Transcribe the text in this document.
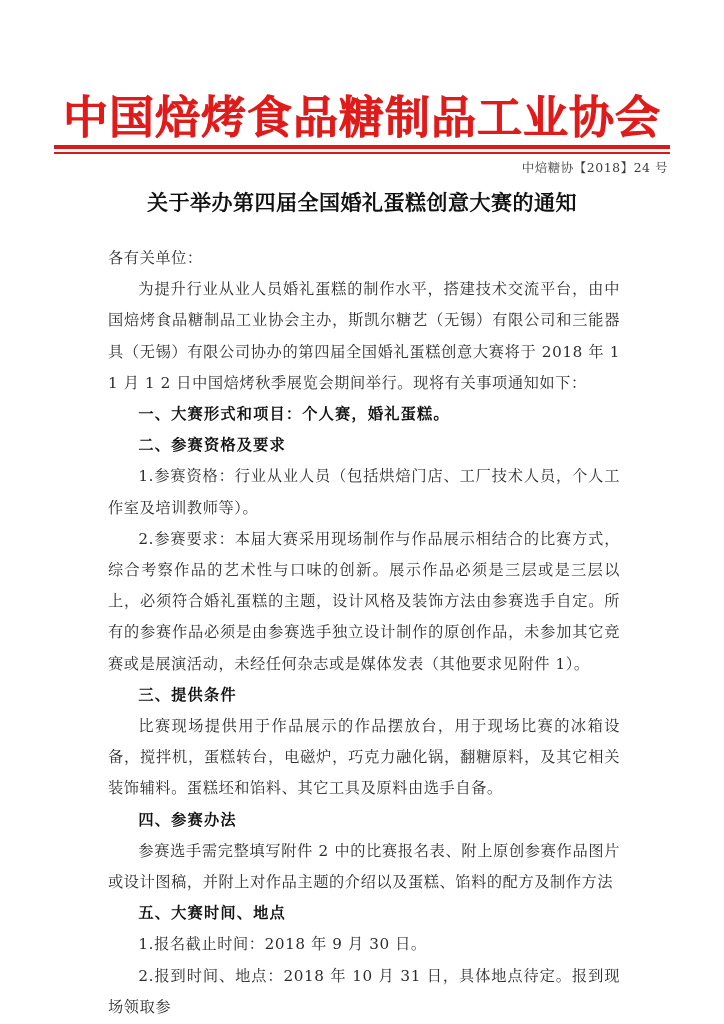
中国焙烤食品糖制品工业协会
中焙糖协【2018】24 号
关于举办第四届全国婚礼蛋糕创意大赛的通知

各有关单位：

为提升行业从业人员婚礼蛋糕的制作水平，搭建技术交流平台，由中国焙烤食品糖制品工业协会主办，斯凯尔糖艺（无锡）有限公司和三能器具（无锡）有限公司协办的第四届全国婚礼蛋糕创意大赛将于 2018 年 11 月 1 2 日中国焙烤秋季展览会期间举行。现将有关事项通知如下：

一、大赛形式和项目：个人赛，婚礼蛋糕。

二、参赛资格及要求

1.参赛资格：行业从业人员（包括烘焙门店、工厂技术人员，个人工作室及培训教师等）。

2.参赛要求：本届大赛采用现场制作与作品展示相结合的比赛方式，综合考察作品的艺术性与口味的创新。展示作品必须是三层或是三层以上，必须符合婚礼蛋糕的主题，设计风格及装饰方法由参赛选手自定。所有的参赛作品必须是由参赛选手独立设计制作的原创作品，未参加其它竞赛或是展演活动，未经任何杂志或是媒体发表（其他要求见附件 1）。

三、提供条件

比赛现场提供用于作品展示的作品摆放台，用于现场比赛的冰箱设备，搅拌机，蛋糕转台，电磁炉，巧克力融化锅，翻糖原料，及其它相关装饰辅料。蛋糕坯和馅料、其它工具及原料由选手自备。

四、参赛办法

参赛选手需完整填写附件 2 中的比赛报名表、附上原创参赛作品图片或设计图稿，并附上对作品主题的介绍以及蛋糕、馅料的配方及制作方法

五、大赛时间、地点

1.报名截止时间：2018 年 9 月 30 日。

2.报到时间、地点：2018 年 10 月 31 日，具体地点待定。报到现场领取参
